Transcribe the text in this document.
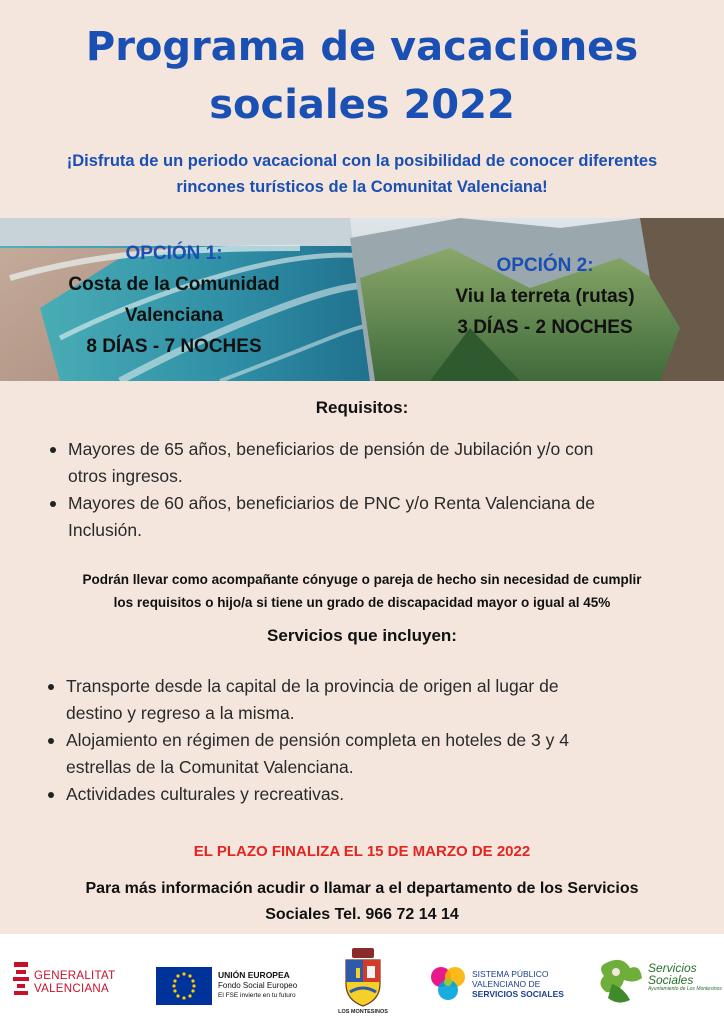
Programa de vacaciones
sociales 2022
¡Disfruta de un periodo vacacional con la posibilidad de conocer diferentes
rincones turísticos de la Comunitat Valenciana!
OPCIÓN 1:
Costa de la Comunidad
Valenciana
8 DÍAS - 7 NOCHES
OPCIÓN 2:
Viu la terreta (rutas)
3 DÍAS - 2 NOCHES
Requisitos:
Mayores de 65 años, beneficiarios de pensión de Jubilación y/o con
otros ingresos.
Mayores de 60 años, beneficiarios de PNC y/o Renta Valenciana de
Inclusión.
Podrán llevar como acompañante cónyuge o pareja de hecho sin necesidad de cumplir
los requisitos o hijo/a si tiene un grado de discapacidad mayor o igual al 45%
Servicios que incluyen:
Transporte desde la capital de la provincia de origen al lugar de
destino y regreso a la misma.
Alojamiento en régimen de pensión completa en hoteles de 3 y 4
estrellas de la Comunitat Valenciana.
Actividades culturales y recreativas.
EL PLAZO FINALIZA EL 15 DE MARZO DE 2022
Para más información acudir o llamar a el departamento de los Servicios
Sociales Tel. 966 72 14 14
GENERALITAT
VALENCIANA
UNIÓN EUROPEA
Fondo Social Europeo
El FSE invierte en tu futuro
LOS MONTESINOS
SISTEMA PÚBLICO
VALENCIANO DE
SERVICIOS SOCIALES
Servicios
Sociales
Ayuntamiento de Los Montesinos
